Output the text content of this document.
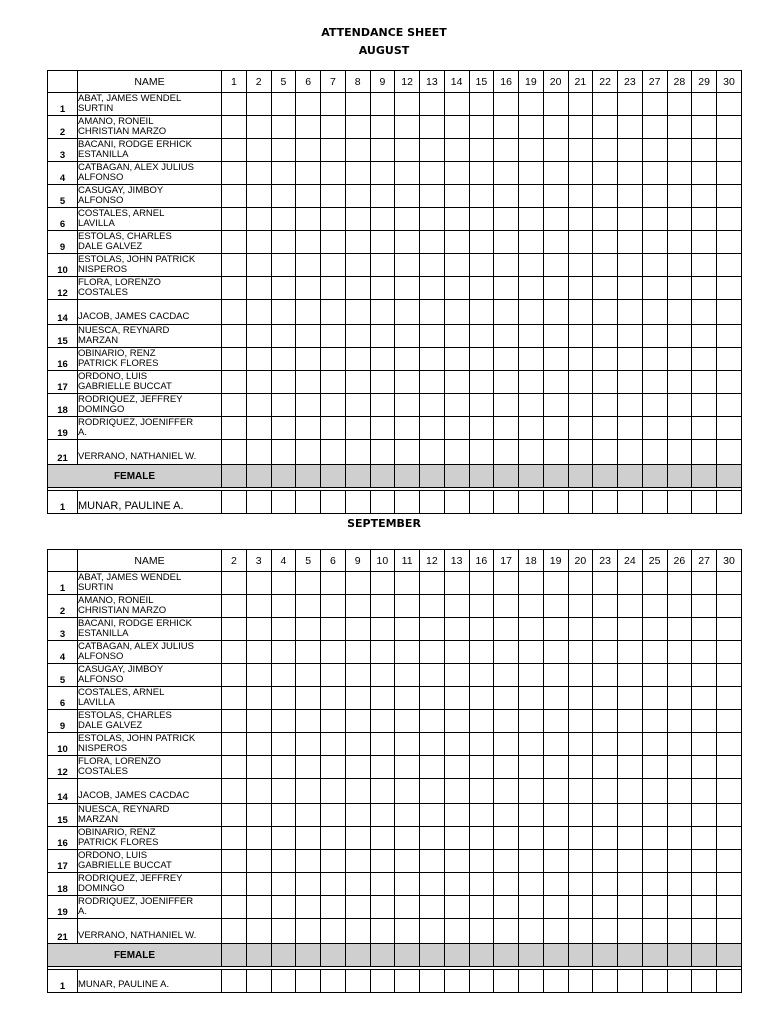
ATTENDANCE SHEET
AUGUST
SEPTEMBER
	NAME	1	2	5	6	7	8	9	12	13	14	15	16	19	20	21	22	23	27	28	29	30
1	ABAT, JAMES WENDEL
SURTIN																					

2	AMANO, RONEIL
CHRISTIAN MARZO																					

3	BACANI, RODGE ERHICK
ESTANILLA																					

4	CATBAGAN, ALEX JULIUS
ALFONSO																					

5	CASUGAY, JIMBOY
ALFONSO																					

6	COSTALES, ARNEL
LAVILLA																					

9	ESTOLAS, CHARLES
DALE GALVEZ																					

10	ESTOLAS, JOHN PATRICK
NISPEROS																					

12	FLORA, LORENZO
COSTALES																					

14	JACOB, JAMES CACDAC																					

15	NUESCA, REYNARD
MARZAN																					

16	OBINARIO, RENZ
PATRICK FLORES																					

17	ORDONO, LUIS
GABRIELLE BUCCAT																					

18	RODRIQUEZ, JEFFREY
DOMINGO																					

19	RODRIQUEZ, JOENIFFER
A.																					

21	VERRANO, NATHANIEL W.																					

FEMALE																						

1	MUNAR, PAULINE A.																					

	NAME	2	3	4	5	6	9	10	11	12	13	16	17	18	19	20	23	24	25	26	27	30
1	ABAT, JAMES WENDEL
SURTIN																					

2	AMANO, RONEIL
CHRISTIAN MARZO																					

3	BACANI, RODGE ERHICK
ESTANILLA																					

4	CATBAGAN, ALEX JULIUS
ALFONSO																					

5	CASUGAY, JIMBOY
ALFONSO																					

6	COSTALES, ARNEL
LAVILLA																					

9	ESTOLAS, CHARLES
DALE GALVEZ																					

10	ESTOLAS, JOHN PATRICK
NISPEROS																					

12	FLORA, LORENZO
COSTALES																					

14	JACOB, JAMES CACDAC																					

15	NUESCA, REYNARD
MARZAN																					

16	OBINARIO, RENZ
PATRICK FLORES																					

17	ORDONO, LUIS
GABRIELLE BUCCAT																					

18	RODRIQUEZ, JEFFREY
DOMINGO																					

19	RODRIQUEZ, JOENIFFER
A.																					

21	VERRANO, NATHANIEL W.																					

FEMALE																						

1	MUNAR, PAULINE A.																					
